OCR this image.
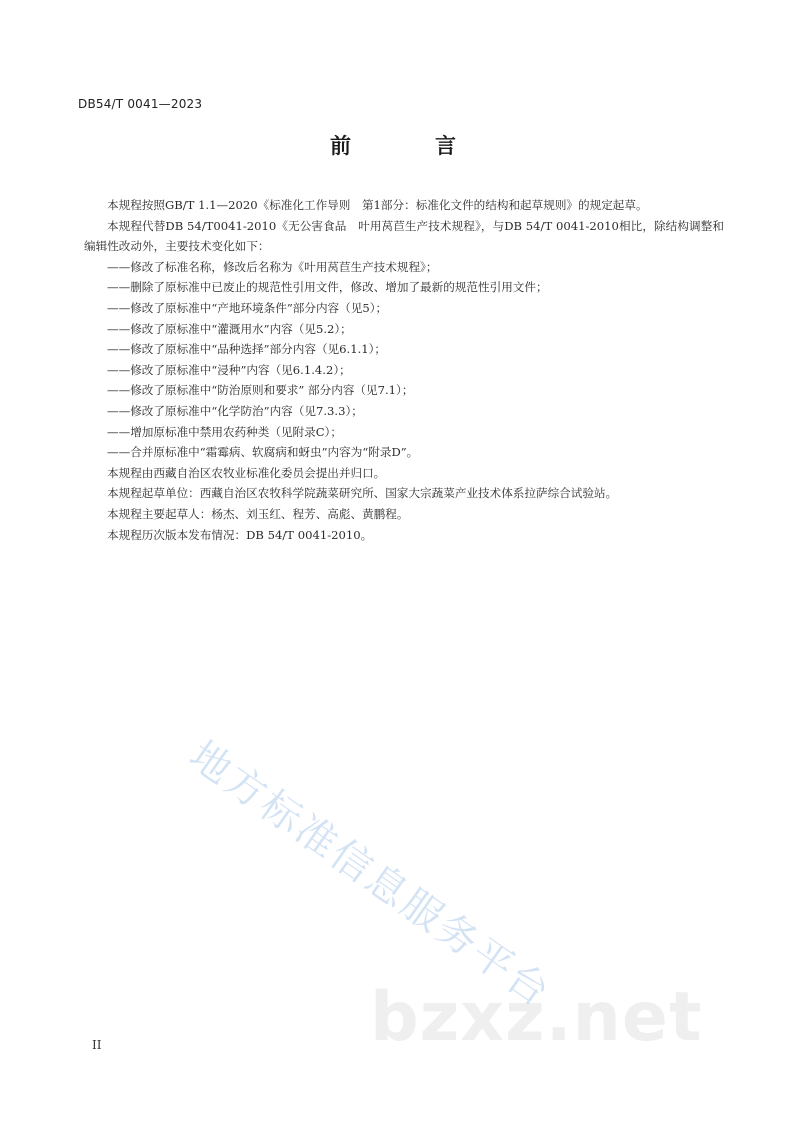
DB54/T 0041—2023
前　　言

本规程按照GB/T 1.1—2020《标准化工作导则　第1部分：标准化文件的结构和起草规则》的规定起草。

本规程代替DB 54/T0041-2010《无公害食品　叶用莴苣生产技术规程》，与DB 54/T 0041-2010相比，除结构调整和编辑性改动外，主要技术变化如下：

——修改了标准名称，修改后名称为《叶用莴苣生产技术规程》；

——删除了原标准中已废止的规范性引用文件，修改、增加了最新的规范性引用文件；

——修改了原标准中“产地环境条件”部分内容（见5）；

——修改了原标准中“灌溉用水”内容（见5.2）；

——修改了原标准中“品种选择”部分内容（见6.1.1）；

——修改了原标准中“浸种”内容（见6.1.4.2）；

——修改了原标准中“防治原则和要求” 部分内容（见7.1）；

——修改了原标准中“化学防治”内容（见7.3.3）；

——增加原标准中禁用农药种类（见附录C）；

——合并原标准中“霜霉病、软腐病和蚜虫”内容为“附录D”。

本规程由西藏自治区农牧业标准化委员会提出并归口。

本规程起草单位：西藏自治区农牧科学院蔬菜研究所、国家大宗蔬菜产业技术体系拉萨综合试验站。

本规程主要起草人：杨杰、刘玉红、程芳、高彪、黄鹏程。

本规程历次版本发布情况：DB 54/T 0041-2010。

地方标准信息服务平台
bzxz.net
II
